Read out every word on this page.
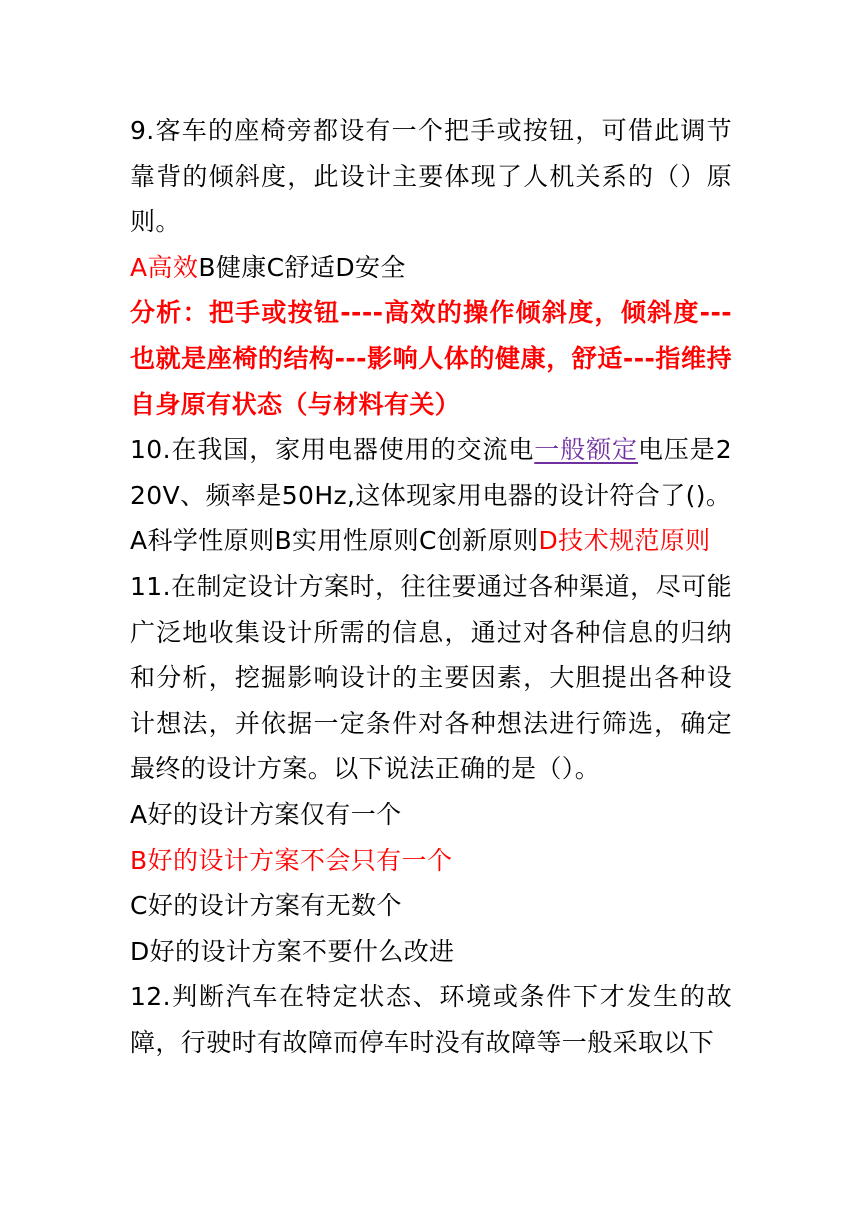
9.客车的座椅旁都设有一个把手或按钮，可借此调节靠背的倾斜度，此设计主要体现了人机关系的（）原则。

A高效B健康C舒适D安全

分析：把手或按钮----高效的操作倾斜度，倾斜度---也就是座椅的结构---影响人体的健康，舒适---指维持自身原有状态（与材料有关）

10.在我国，家用电器使用的交流电一般额定电压是220V、频率是50Hz,这体现家用电器的设计符合了()。

A科学性原则B实用性原则C创新原则D技术规范原则

11.在制定设计方案时，往往要通过各种渠道，尽可能广泛地收集设计所需的信息，通过对各种信息的归纳和分析，挖掘影响设计的主要因素，大胆提出各种设计想法，并依据一定条件对各种想法进行筛选，确定最终的设计方案。以下说法正确的是（）。

A好的设计方案仅有一个

B好的设计方案不会只有一个

C好的设计方案有无数个

D好的设计方案不要什么改进

12.判断汽车在特定状态、环境或条件下才发生的故障，行驶时有故障而停车时没有故障等一般采取以下
